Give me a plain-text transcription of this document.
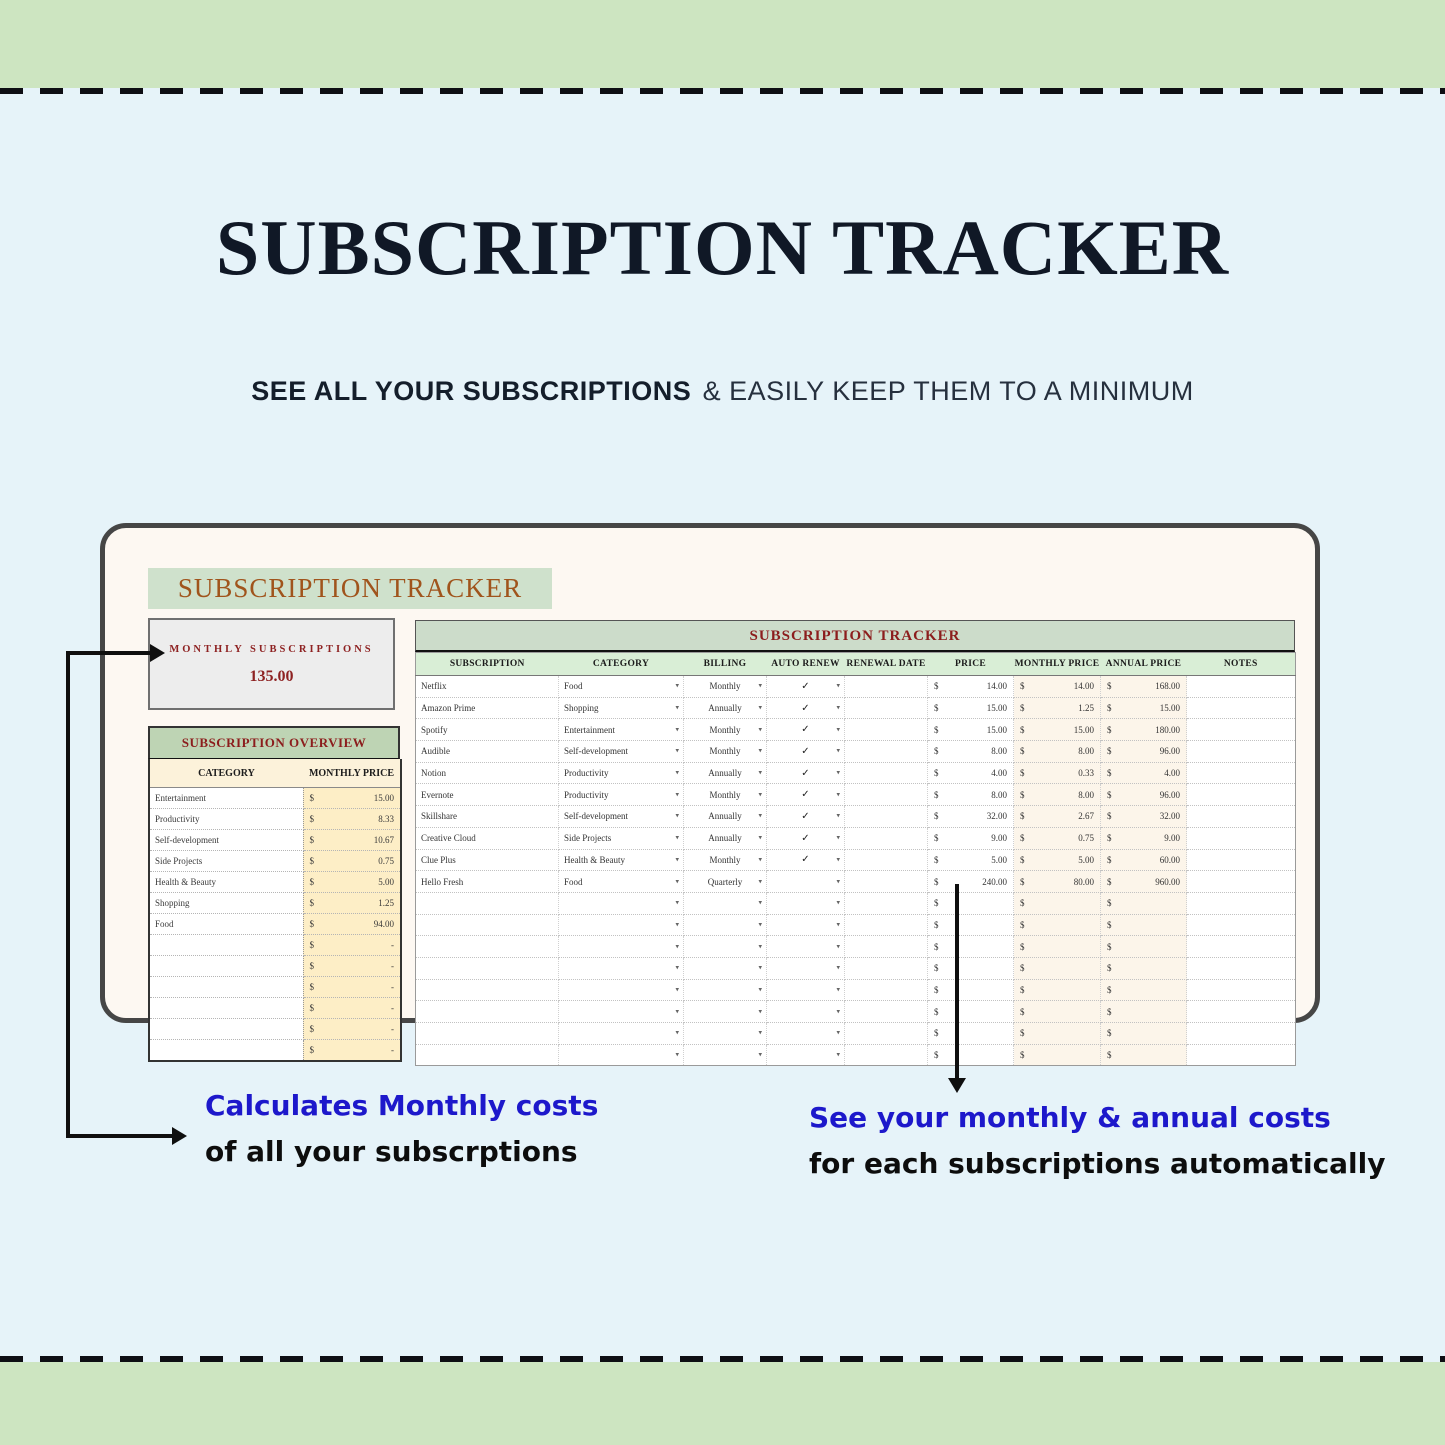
SUBSCRIPTION TRACKER
SEE ALL YOUR SUBSCRIPTIONS & EASILY KEEP THEM TO A MINIMUM
SUBSCRIPTION TRACKER
MONTHLY SUBSCRIPTIONS
135.00
SUBSCRIPTION OVERVIEW
CATEGORY	MONTHLY PRICE
Entertainment	$ 15.00

Productivity	$ 8.33

Self-development	$ 10.67

Side Projects	$ 0.75

Health & Beauty	$ 5.00

Shopping	$ 1.25

Food	$ 94.00

	$ -

	$ -

	$ -

	$ -

	$ -

	$ -
SUBSCRIPTION TRACKER
SUBSCRIPTION	CATEGORY	BILLING	AUTO RENEW	RENEWAL DATE	PRICE	MONTHLY PRICE	ANNUAL PRICE	NOTES
Netflix	Food ▾	Monthly ▾	✓ ▾		$ 14.00	$ 14.00	$ 168.00	

Amazon Prime	Shopping ▾	Annually ▾	✓ ▾		$ 15.00	$ 1.25	$ 15.00	

Spotify	Entertainment ▾	Monthly ▾	✓ ▾		$ 15.00	$ 15.00	$ 180.00	

Audible	Self-development ▾	Monthly ▾	✓ ▾		$ 8.00	$ 8.00	$ 96.00	

Notion	Productivity ▾	Annually ▾	✓ ▾		$ 4.00	$ 0.33	$ 4.00	

Evernote	Productivity ▾	Monthly ▾	✓ ▾		$ 8.00	$ 8.00	$ 96.00	

Skillshare	Self-development ▾	Annually ▾	✓ ▾		$ 32.00	$ 2.67	$ 32.00	

Creative Cloud	Side Projects ▾	Annually ▾	✓ ▾		$ 9.00	$ 0.75	$ 9.00	

Clue Plus	Health & Beauty ▾	Monthly ▾	✓ ▾		$ 5.00	$ 5.00	$ 60.00	

Hello Fresh	Food ▾	Quarterly ▾	▾		$ 240.00	$ 80.00	$ 960.00	

	▾	▾	▾		$	$	$	

	▾	▾	▾		$	$	$	

	▾	▾	▾		$	$	$	

	▾	▾	▾		$	$	$	

	▾	▾	▾		$	$	$	

	▾	▾	▾		$	$	$	

	▾	▾	▾		$	$	$	

	▾	▾	▾		$	$	$	

Calculates Monthly costs
of all your subscrptions
See your monthly & annual costs
for each subscriptions automatically
